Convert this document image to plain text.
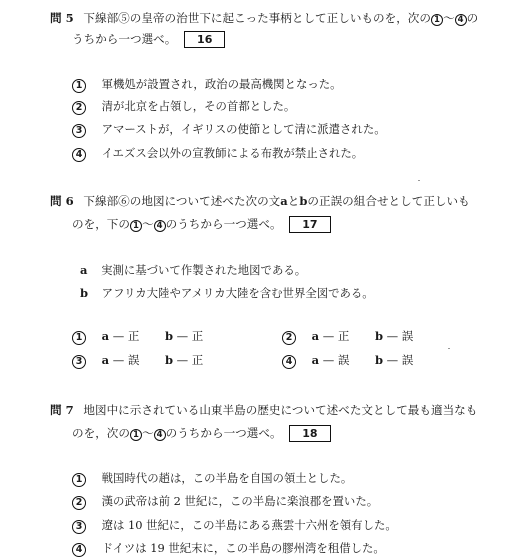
問 5 下線部⑤の皇帝の治世下に起こった事柄として正しいものを，次の 1 〜 4 の
うちから一つ選べ。 16
1 軍機処が設置され，政治の最高機関となった。
2 清が北京を占領し，その首都とした。
3 アマーストが，イギリスの使節として清に派遣された。
4 イエズス会以外の宣教師による布教が禁止された。
問 6 下線部⑥の地図について述べた次の文aとbの正誤の組合せとして正しいも
のを，下の 1 〜 4 のうちから一つ選べ。 17
a 実測に基づいて作製された地図である。
b アフリカ大陸やアメリカ大陸を含む世界全図である。
1 a — 正 b — 正	2 a — 正 b — 誤
3 a — 誤 b — 正	4 a — 誤 b — 誤
問 7 地図中に示されている山東半島の歴史について述べた文として最も適当なも
のを，次の 1 〜 4 のうちから一つ選べ。 18
1 戦国時代の趙は，この半島を自国の領土とした。
2 漢の武帝は前 2 世紀に，この半島に楽浪郡を置いた。
3 遼は 10 世紀に，この半島にある燕雲十六州を領有した。
4 ドイツは 19 世紀末に，この半島の膠州湾を租借した。
